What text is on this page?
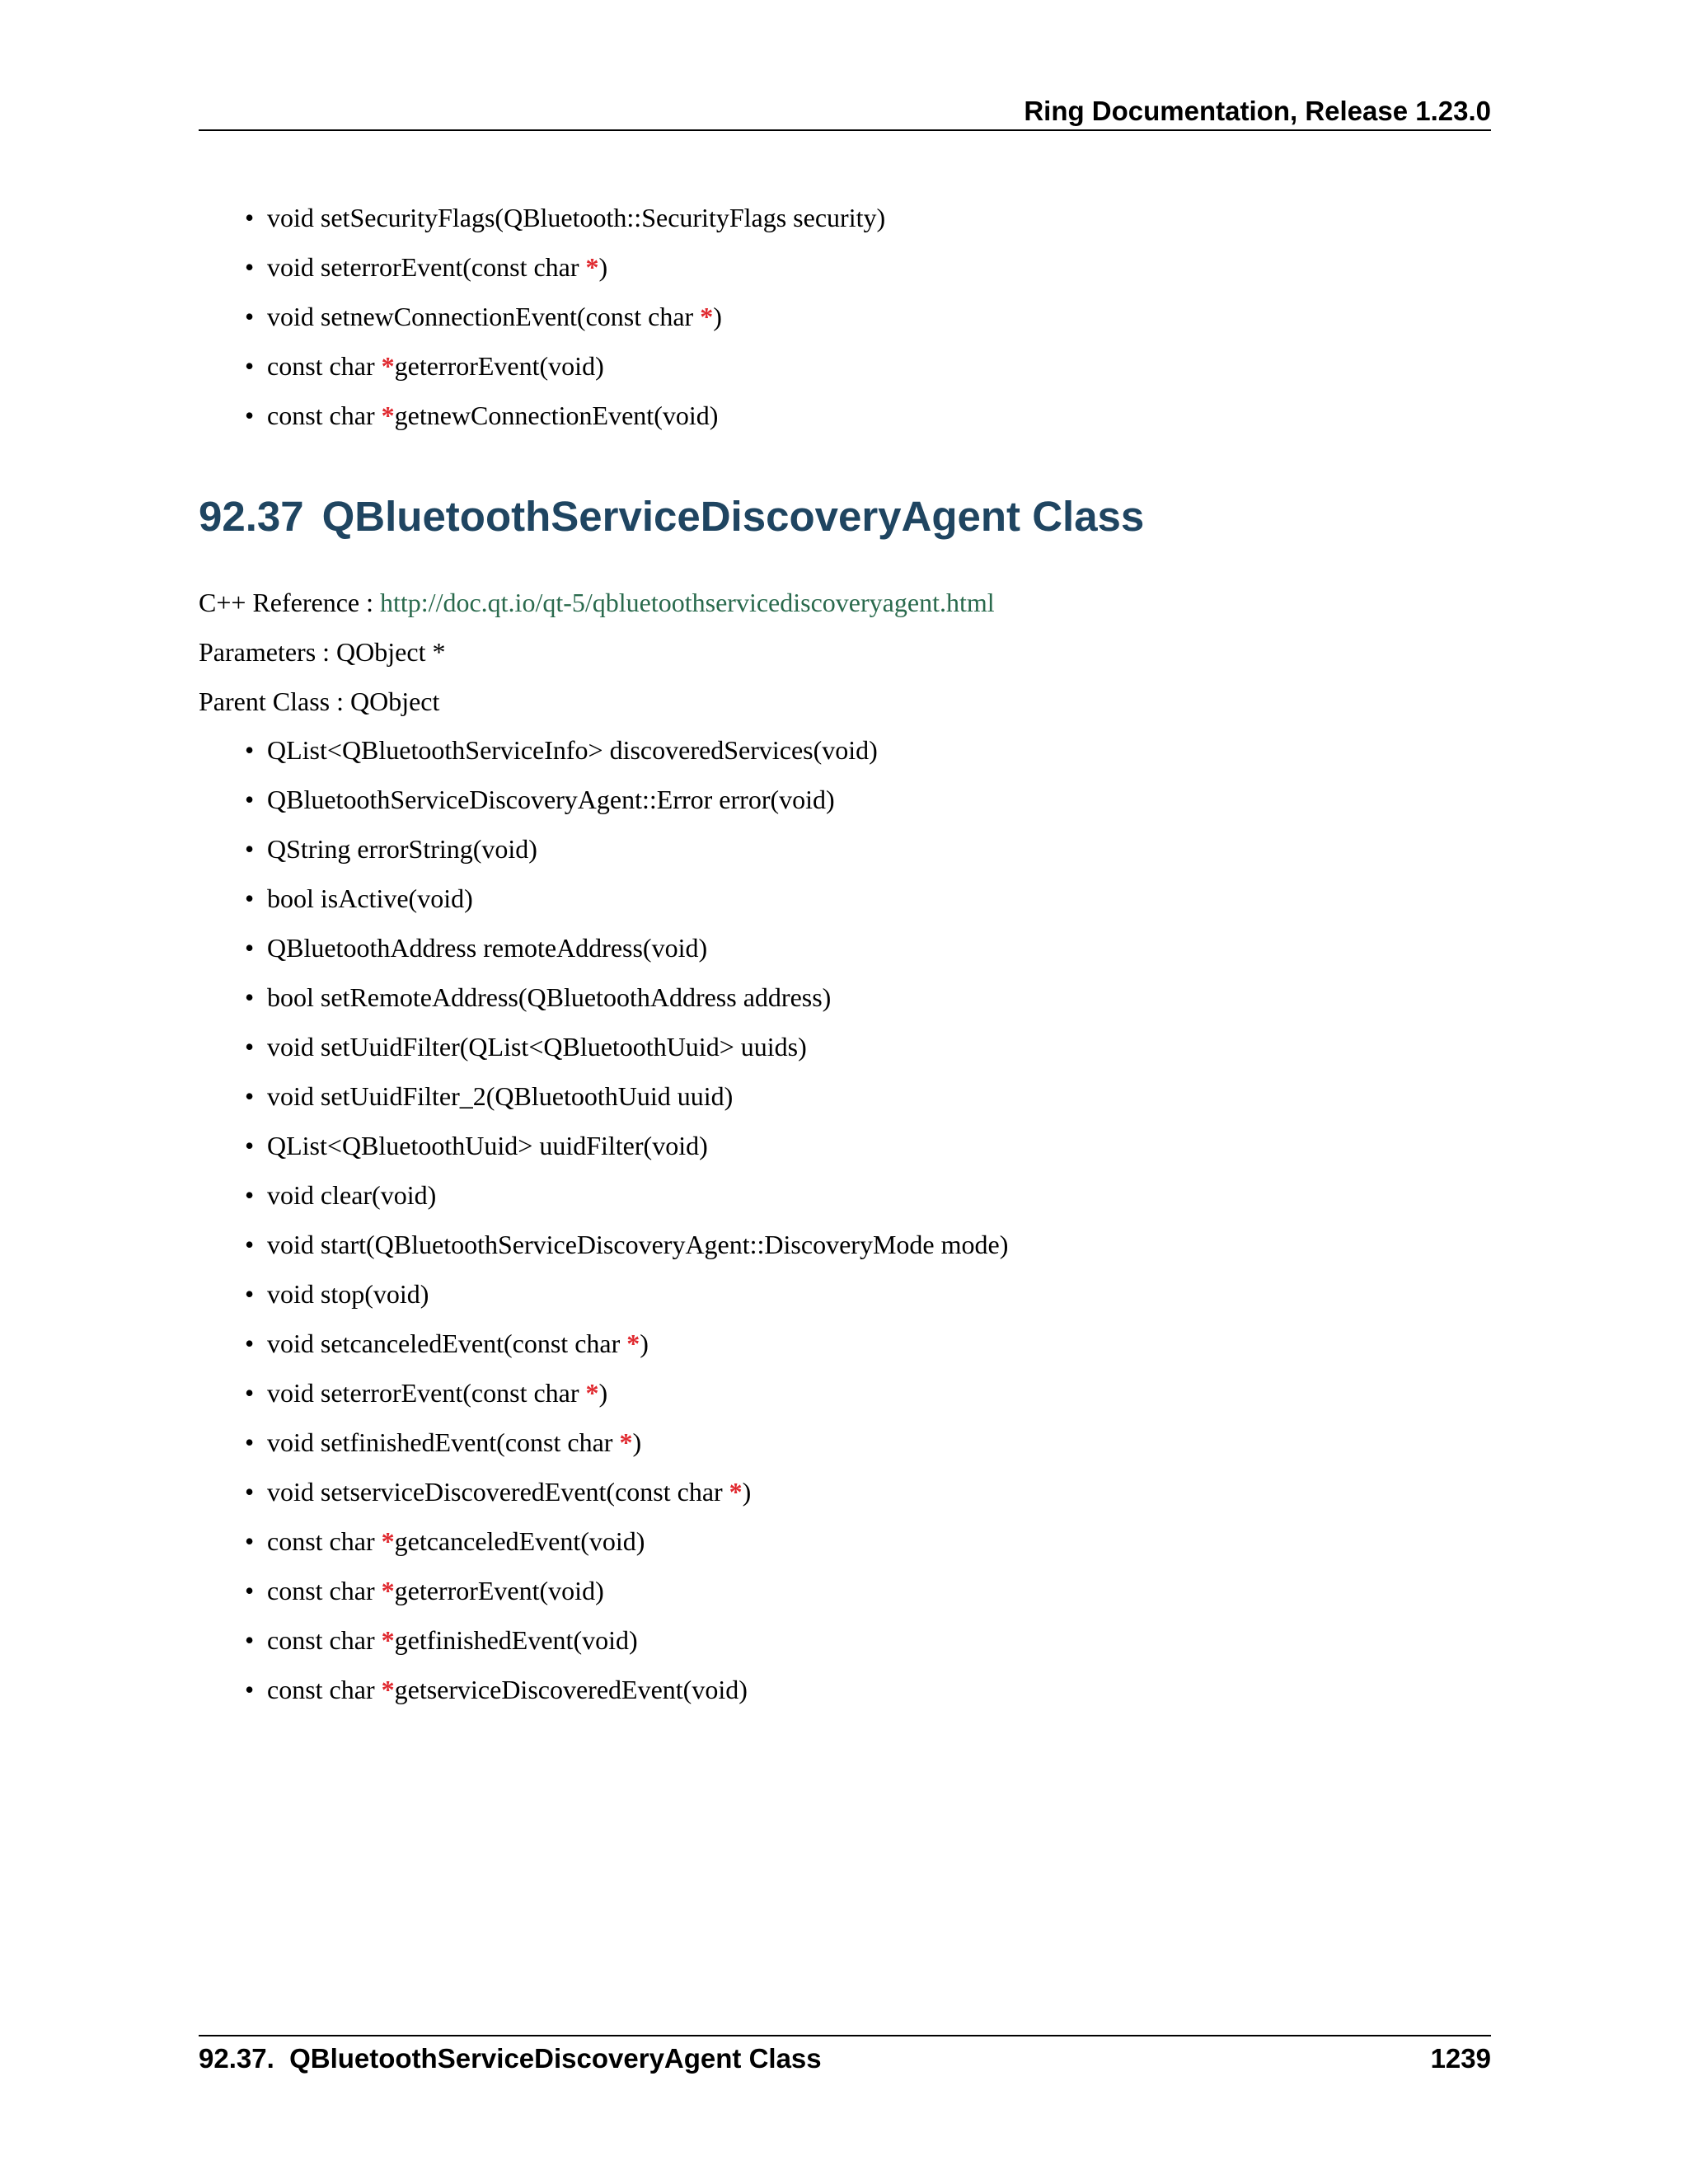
Ring Documentation, Release 1.23.0
• void setSecurityFlags(QBluetooth::SecurityFlags security)
• void seterrorEvent(const char *)
• void setnewConnectionEvent(const char *)
• const char *geterrorEvent(void)
• const char *getnewConnectionEvent(void)
92.37 QBluetoothServiceDiscoveryAgent Class
C++ Reference : http://doc.qt.io/qt-5/qbluetoothservicediscoveryagent.html
Parameters : QObject *
Parent Class : QObject
• QList<QBluetoothServiceInfo> discoveredServices(void)
• QBluetoothServiceDiscoveryAgent::Error error(void)
• QString errorString(void)
• bool isActive(void)
• QBluetoothAddress remoteAddress(void)
• bool setRemoteAddress(QBluetoothAddress address)
• void setUuidFilter(QList<QBluetoothUuid> uuids)
• void setUuidFilter_2(QBluetoothUuid uuid)
• QList<QBluetoothUuid> uuidFilter(void)
• void clear(void)
• void start(QBluetoothServiceDiscoveryAgent::DiscoveryMode mode)
• void stop(void)
• void setcanceledEvent(const char *)
• void seterrorEvent(const char *)
• void setfinishedEvent(const char *)
• void setserviceDiscoveredEvent(const char *)
• const char *getcanceledEvent(void)
• const char *geterrorEvent(void)
• const char *getfinishedEvent(void)
• const char *getserviceDiscoveredEvent(void)
92.37.  QBluetoothServiceDiscoveryAgent Class	1239
